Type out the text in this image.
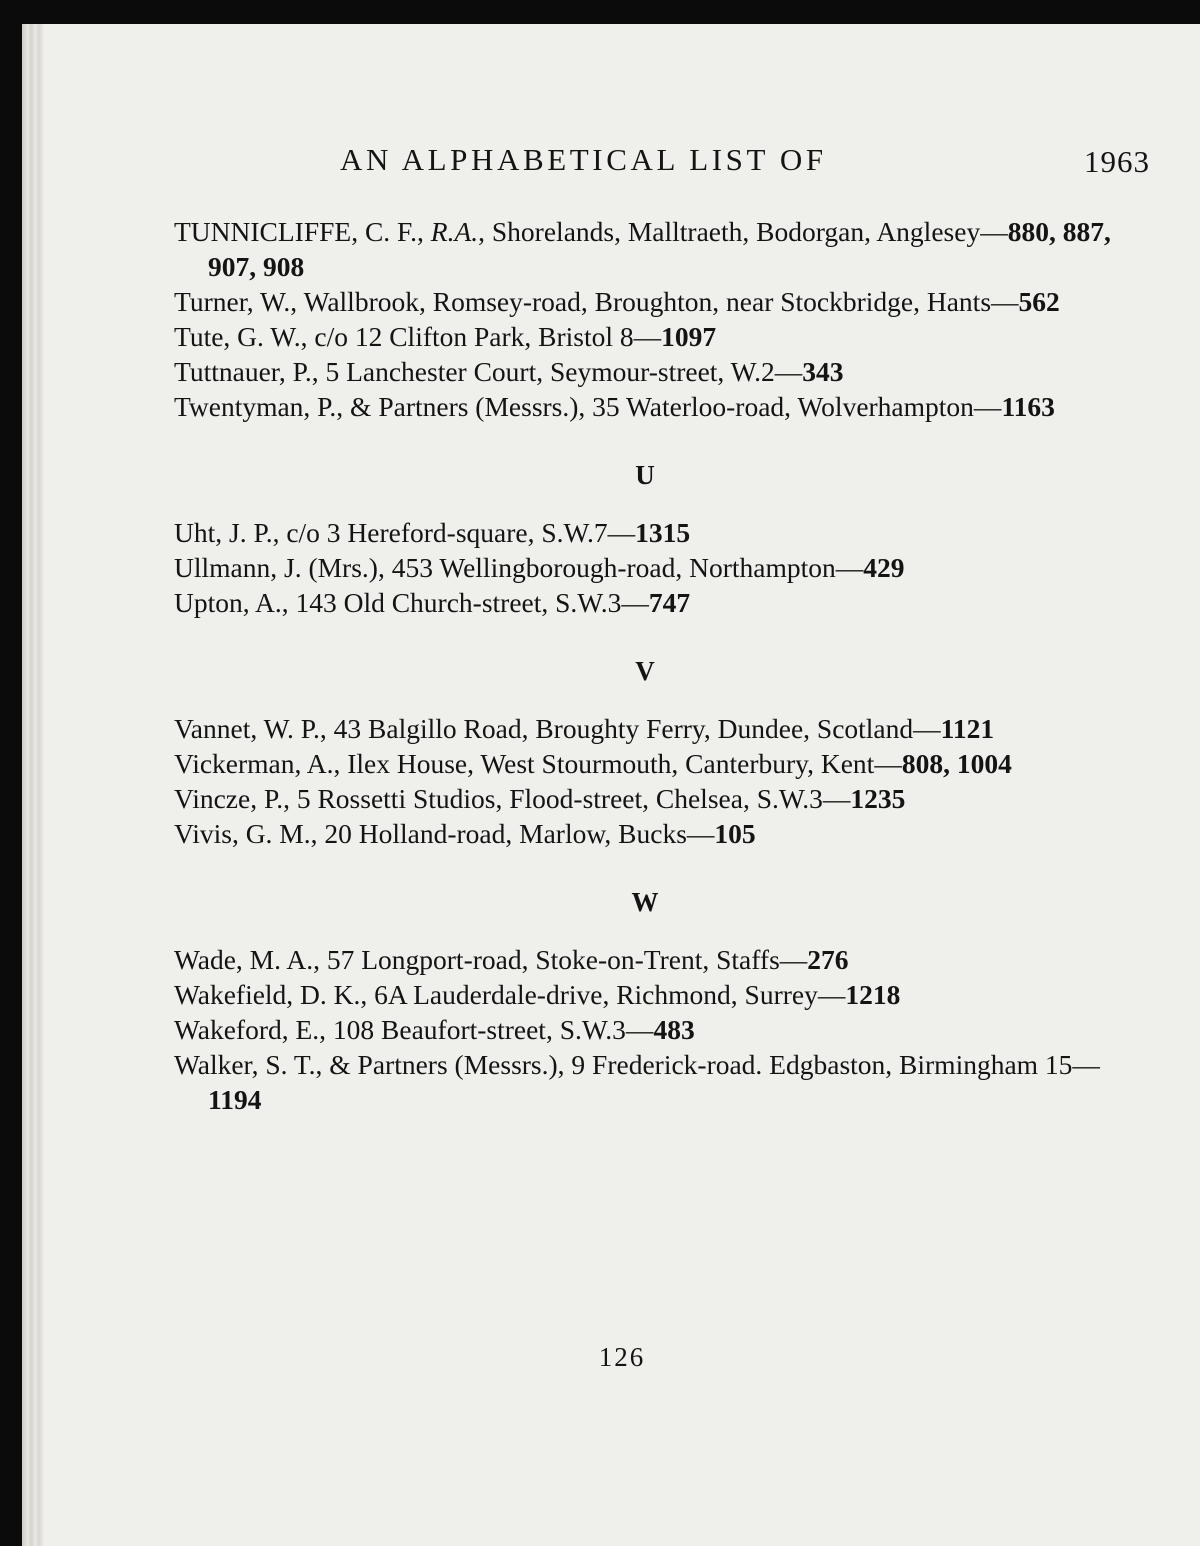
AN ALPHABETICAL LIST OF	1963
TUNNICLIFFE, C. F., R.A., Shorelands, Malltraeth, Bodorgan, Anglesey—880, 887, 907, 908
Turner, W., Wallbrook, Romsey-road, Broughton, near Stockbridge, Hants—562
Tute, G. W., c/o 12 Clifton Park, Bristol 8—1097
Tuttnauer, P., 5 Lanchester Court, Seymour-street, W.2—343
Twentyman, P., & Partners (Messrs.), 35 Waterloo-road, Wolverhampton—1163
U
Uht, J. P., c/o 3 Hereford-square, S.W.7—1315
Ullmann, J. (Mrs.), 453 Wellingborough-road, Northampton—429
Upton, A., 143 Old Church-street, S.W.3—747
V
Vannet, W. P., 43 Balgillo Road, Broughty Ferry, Dundee, Scotland—1121
Vickerman, A., Ilex House, West Stourmouth, Canterbury, Kent—808, 1004
Vincze, P., 5 Rossetti Studios, Flood-street, Chelsea, S.W.3—1235
Vivis, G. M., 20 Holland-road, Marlow, Bucks—105
W
Wade, M. A., 57 Longport-road, Stoke-on-Trent, Staffs—276
Wakefield, D. K., 6A Lauderdale-drive, Richmond, Surrey—1218
Wakeford, E., 108 Beaufort-street, S.W.3—483
Walker, S. T., & Partners (Messrs.), 9 Frederick-road. Edgbaston, Birmingham 15—1194
126
